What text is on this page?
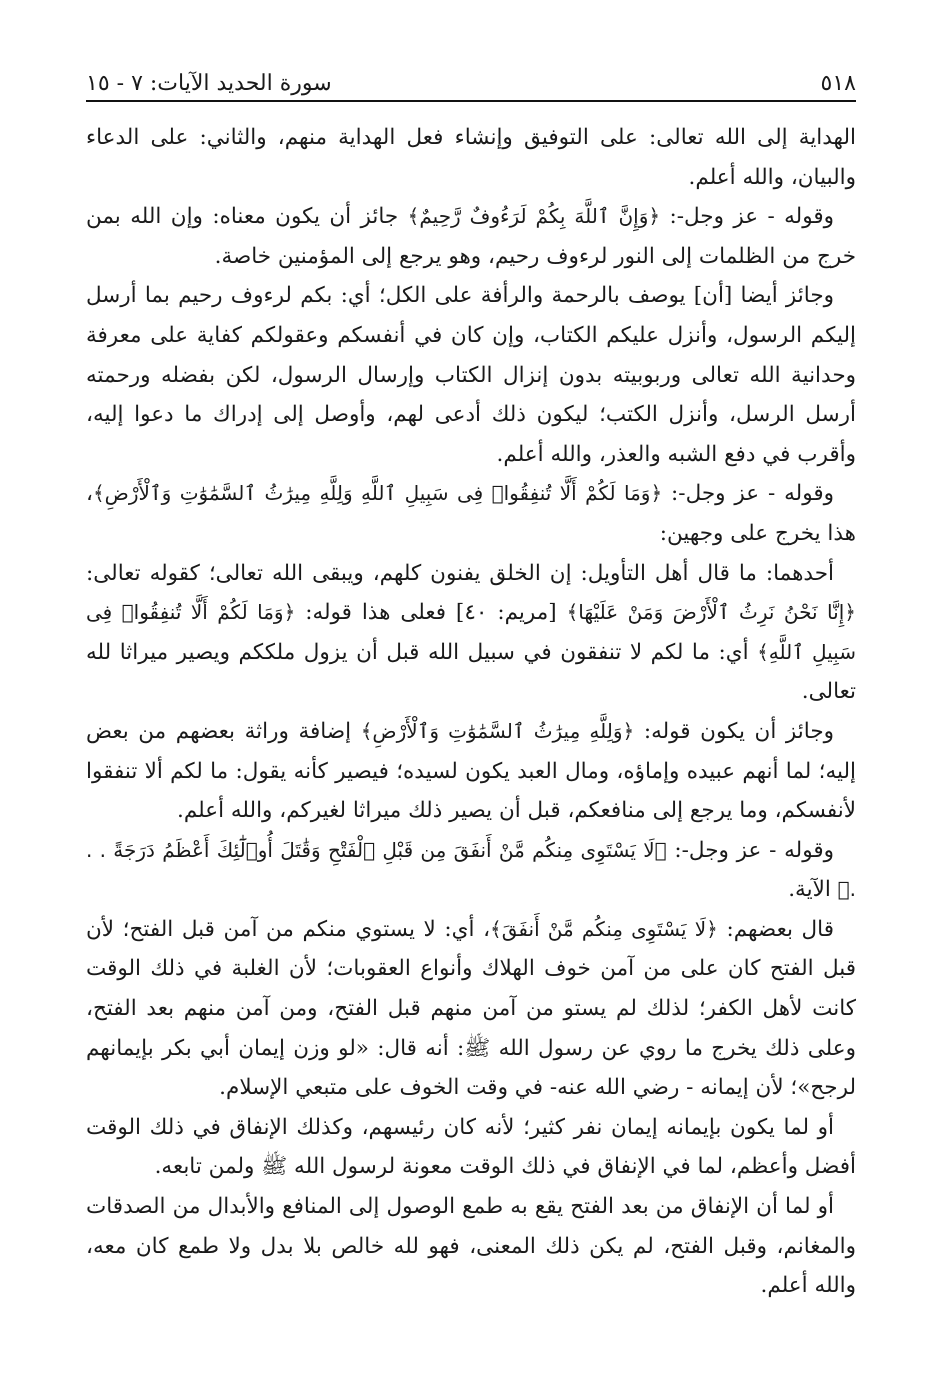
٥١٨
سورة الحديد الآيات: ٧ - ١٥

الهداية إلى الله تعالى: على التوفيق وإنشاء فعل الهداية منهم، والثاني: على الدعاء والبيان، والله أعلم.

وقوله - عز وجل-: ﴿وَإِنَّ ٱللَّهَ بِكُمْ لَرَءُوفٌ رَّحِيمٌ﴾ جائز أن يكون معناه: وإن الله بمن خرج من الظلمات إلى النور لرءوف رحيم، وهو يرجع إلى المؤمنين خاصة.

وجائز أيضا [أن] يوصف بالرحمة والرأفة على الكل؛ أي: بكم لرءوف رحيم بما أرسل إليكم الرسول، وأنزل عليكم الكتاب، وإن كان في أنفسكم وعقولكم كفاية على معرفة وحدانية الله تعالى وربوبيته بدون إنزال الكتاب وإرسال الرسول، لكن بفضله ورحمته أرسل الرسل، وأنزل الكتب؛ ليكون ذلك أدعى لهم، وأوصل إلى إدراك ما دعوا إليه، وأقرب في دفع الشبه والعذر، والله أعلم.

وقوله - عز وجل-: ﴿وَمَا لَكُمْ أَلَّا تُنفِقُوا۟ فِى سَبِيلِ ٱللَّهِ وَلِلَّهِ مِيرَٰثُ ٱلسَّمَٰوَٰتِ وَٱلْأَرْضِ﴾، هذا يخرج على وجهين:

أحدهما: ما قال أهل التأويل: إن الخلق يفنون كلهم، ويبقى الله تعالى؛ كقوله تعالى: ﴿إِنَّا نَحْنُ نَرِثُ ٱلْأَرْضَ وَمَنْ عَلَيْهَا﴾ [مريم: ٤٠] فعلى هذا قوله: ﴿وَمَا لَكُمْ أَلَّا تُنفِقُوا۟ فِى سَبِيلِ ٱللَّهِ﴾ أي: ما لكم لا تنفقون في سبيل الله قبل أن يزول ملككم ويصير ميراثا لله تعالى.

وجائز أن يكون قوله: ﴿وَلِلَّهِ مِيرَٰثُ ٱلسَّمَٰوَٰتِ وَٱلْأَرْضِ﴾ إضافة وراثة بعضهم من بعض إليه؛ لما أنهم عبيده وإماؤه، ومال العبد يكون لسيده؛ فيصير كأنه يقول: ما لكم ألا تنفقوا لأنفسكم، وما يرجع إلى منافعكم، قبل أن يصير ذلك ميراثا لغيركم، والله أعلم.

وقوله - عز وجل-: ﴿لَا يَسْتَوِى مِنكُم مَّنْ أَنفَقَ مِن قَبْلِ ٱلْفَتْحِ وَقَٰتَلَ أُو۟لَٰٓئِكَ أَعْظَمُ دَرَجَةً . . .﴾ الآية.

قال بعضهم: ﴿لَا يَسْتَوِى مِنكُم مَّنْ أَنفَقَ﴾، أي: لا يستوي منكم من آمن قبل الفتح؛ لأن قبل الفتح كان على من آمن خوف الهلاك وأنواع العقوبات؛ لأن الغلبة في ذلك الوقت كانت لأهل الكفر؛ لذلك لم يستو من آمن منهم قبل الفتح، ومن آمن منهم بعد الفتح، وعلى ذلك يخرج ما روي عن رسول الله ﷺ: أنه قال: «لو وزن إيمان أبي بكر بإيمانهم لرجح»؛ لأن إيمانه - رضي الله عنه- في وقت الخوف على متبعي الإسلام.

أو لما يكون بإيمانه إيمان نفر كثير؛ لأنه كان رئيسهم، وكذلك الإنفاق في ذلك الوقت أفضل وأعظم، لما في الإنفاق في ذلك الوقت معونة لرسول الله ﷺ ولمن تابعه.

أو لما أن الإنفاق من بعد الفتح يقع به طمع الوصول إلى المنافع والأبدال من الصدقات والمغانم، وقبل الفتح، لم يكن ذلك المعنى، فهو لله خالص بلا بدل ولا طمع كان معه، والله أعلم.
